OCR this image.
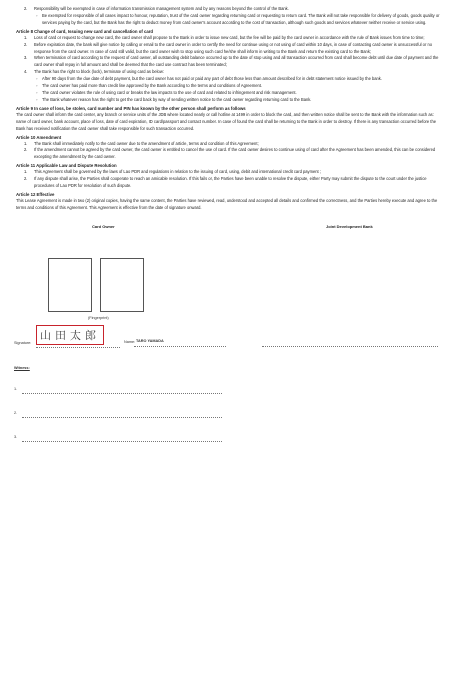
2. Responsibility will be exempted in case of information transmission management system and by any reasons beyond the control of the Bank.
◦ Be exempted for responsible of all cases impact to honour, reputation, trust of the card owner regarding returning card or requesting to return card. The Bank will not take responsible for delivery of goods, goods quality or services paying by the card, but the Bank has the right to deduct money from card owner's account according to the cost of transaction, although such goods and services whatever neither receive or service using.

Article 8 Change of card, Issuing new card and cancellation of card

1. Loss of card or request to change new card, the card owner shall propose to the Bank in order to issue new card, but the fee will be paid by the card owner in accordance with the rule of Bank issues from time to time;
2. Before expiration date, the bank will give notice by calling or email to the card owner in order to certify the need for continue using or not using of card within 10 days, in case of contacting card owner is unsuccessful or no response from the card owner. In case of card still valid, but the card owner wish to stop using such card he/she shall inform in writing to the Bank and return the existing card to the Bank;
3. When termination of card according to the request of card owner, all outstanding debit balance occurred up to the date of stop using and all transaction occurred from card shall become debt until due date of payment and the card owner shall repay in full amount and shall be deemed that the card use contract has been terminated;
4. The Bank has the right to block (lock), terminate of using card as below:
◦ After 90 days from the due date of debt payment, but the card owner has not paid or paid any part of debt those less than amount described for in debt statement notice issued by the bank.
◦ The card owner has paid more than credit line approved by the Bank according to the terms and conditions of Agreement.
◦ The card owner violates the rule of using card or breaks the law impacts to the use of card and related to infringement and risk management.
◦ The Bank whatever reason has the right to get the card back by way of sending written notice to the card owner regarding returning card to the Bank.

Article 9 In case of loss, be stolen, card number and PIN has known by the other person shall perform as follows

The card owner shall inform the card center, any branch or service units of the JDB where located nearly or call hotline at 1499 in order to block the card, and then written notice shall be sent to the Bank with the information such as: name of card owner, bank account, place of loss, date of card expiration, ID card/passport and contact number. In case of found the card shall be returning to the Bank in order to destroy. If there is any transaction occurred before the Bank has received notification the card owner shall take responsible for such transaction occurred.

Article 10 Amendment

1. The Bank shall immediately notify to the card owner due to the amendment of article, terms and condition of this Agreement;
2. If the amendment cannot be agreed by the card owner, the card owner is entitled to cancel the use of card. If the card owner desires to continue using of card after the Agreement has been amended, this can be considered excepting the amendment by the card owner.

Article 11 Applicable Law and Dispute Resolution

1. This Agreement shall be governed by the laws of Lao PDR and regulations in relation to the issuing of card, using, debit and international credit card payment ;
2. If any dispute shall arise, the Parties shall cooperate to reach an amicable resolution. If this fails or, the Parties have been unable to resolve the dispute, either Party may submit the dispute to the court under the justice procedures of Lao PDR for resolution of such dispute.

Article 12 Effective

This Lease Agreement is made in two (2) original copies, having the same content, the Parties have reviewed, read, understood and accepted all details and confirmed the correctness, and the Parties hereby execute and agree to the terms and conditions of this Agreement. This Agreement is effective from the date of signature onward.

Card Owner	Joint Development Bank
(Fingerprint)
Signature:
山田太郎	Name: TARO YAMADA
Witness:
1.
2.
3.
